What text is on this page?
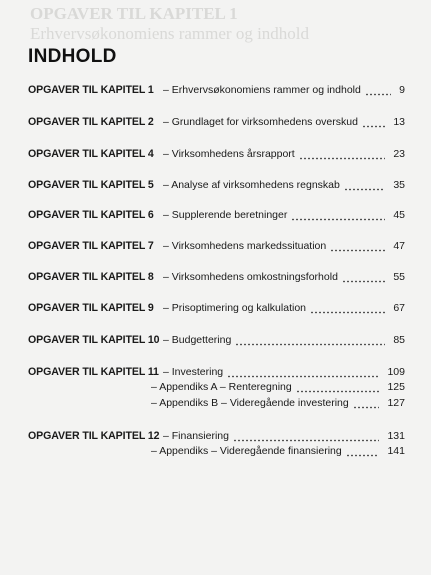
OPGAVER TIL KAPITEL 1
Erhvervsøkonomiens rammer og indhold
INDHOLD
OPGAVER TIL KAPITEL 1 – Erhvervsøkonomiens rammer og indhold	9
OPGAVER TIL KAPITEL 2 – Grundlaget for virksomhedens overskud	13
OPGAVER TIL KAPITEL 4 – Virksomhedens årsrapport	23
OPGAVER TIL KAPITEL 5 – Analyse af virksomhedens regnskab	35
OPGAVER TIL KAPITEL 6 – Supplerende beretninger	45
OPGAVER TIL KAPITEL 7 – Virksomhedens markedssituation	47
OPGAVER TIL KAPITEL 8 – Virksomhedens omkostningsforhold	55
OPGAVER TIL KAPITEL 9 – Prisoptimering og kalkulation	67
OPGAVER TIL KAPITEL 10 – Budgettering	85
OPGAVER TIL KAPITEL 11 – Investering	109
– Appendiks A – Renteregning	125
– Appendiks B – Videregående investering	127
OPGAVER TIL KAPITEL 12 – Finansiering	131
– Appendiks – Videregående finansiering	141
